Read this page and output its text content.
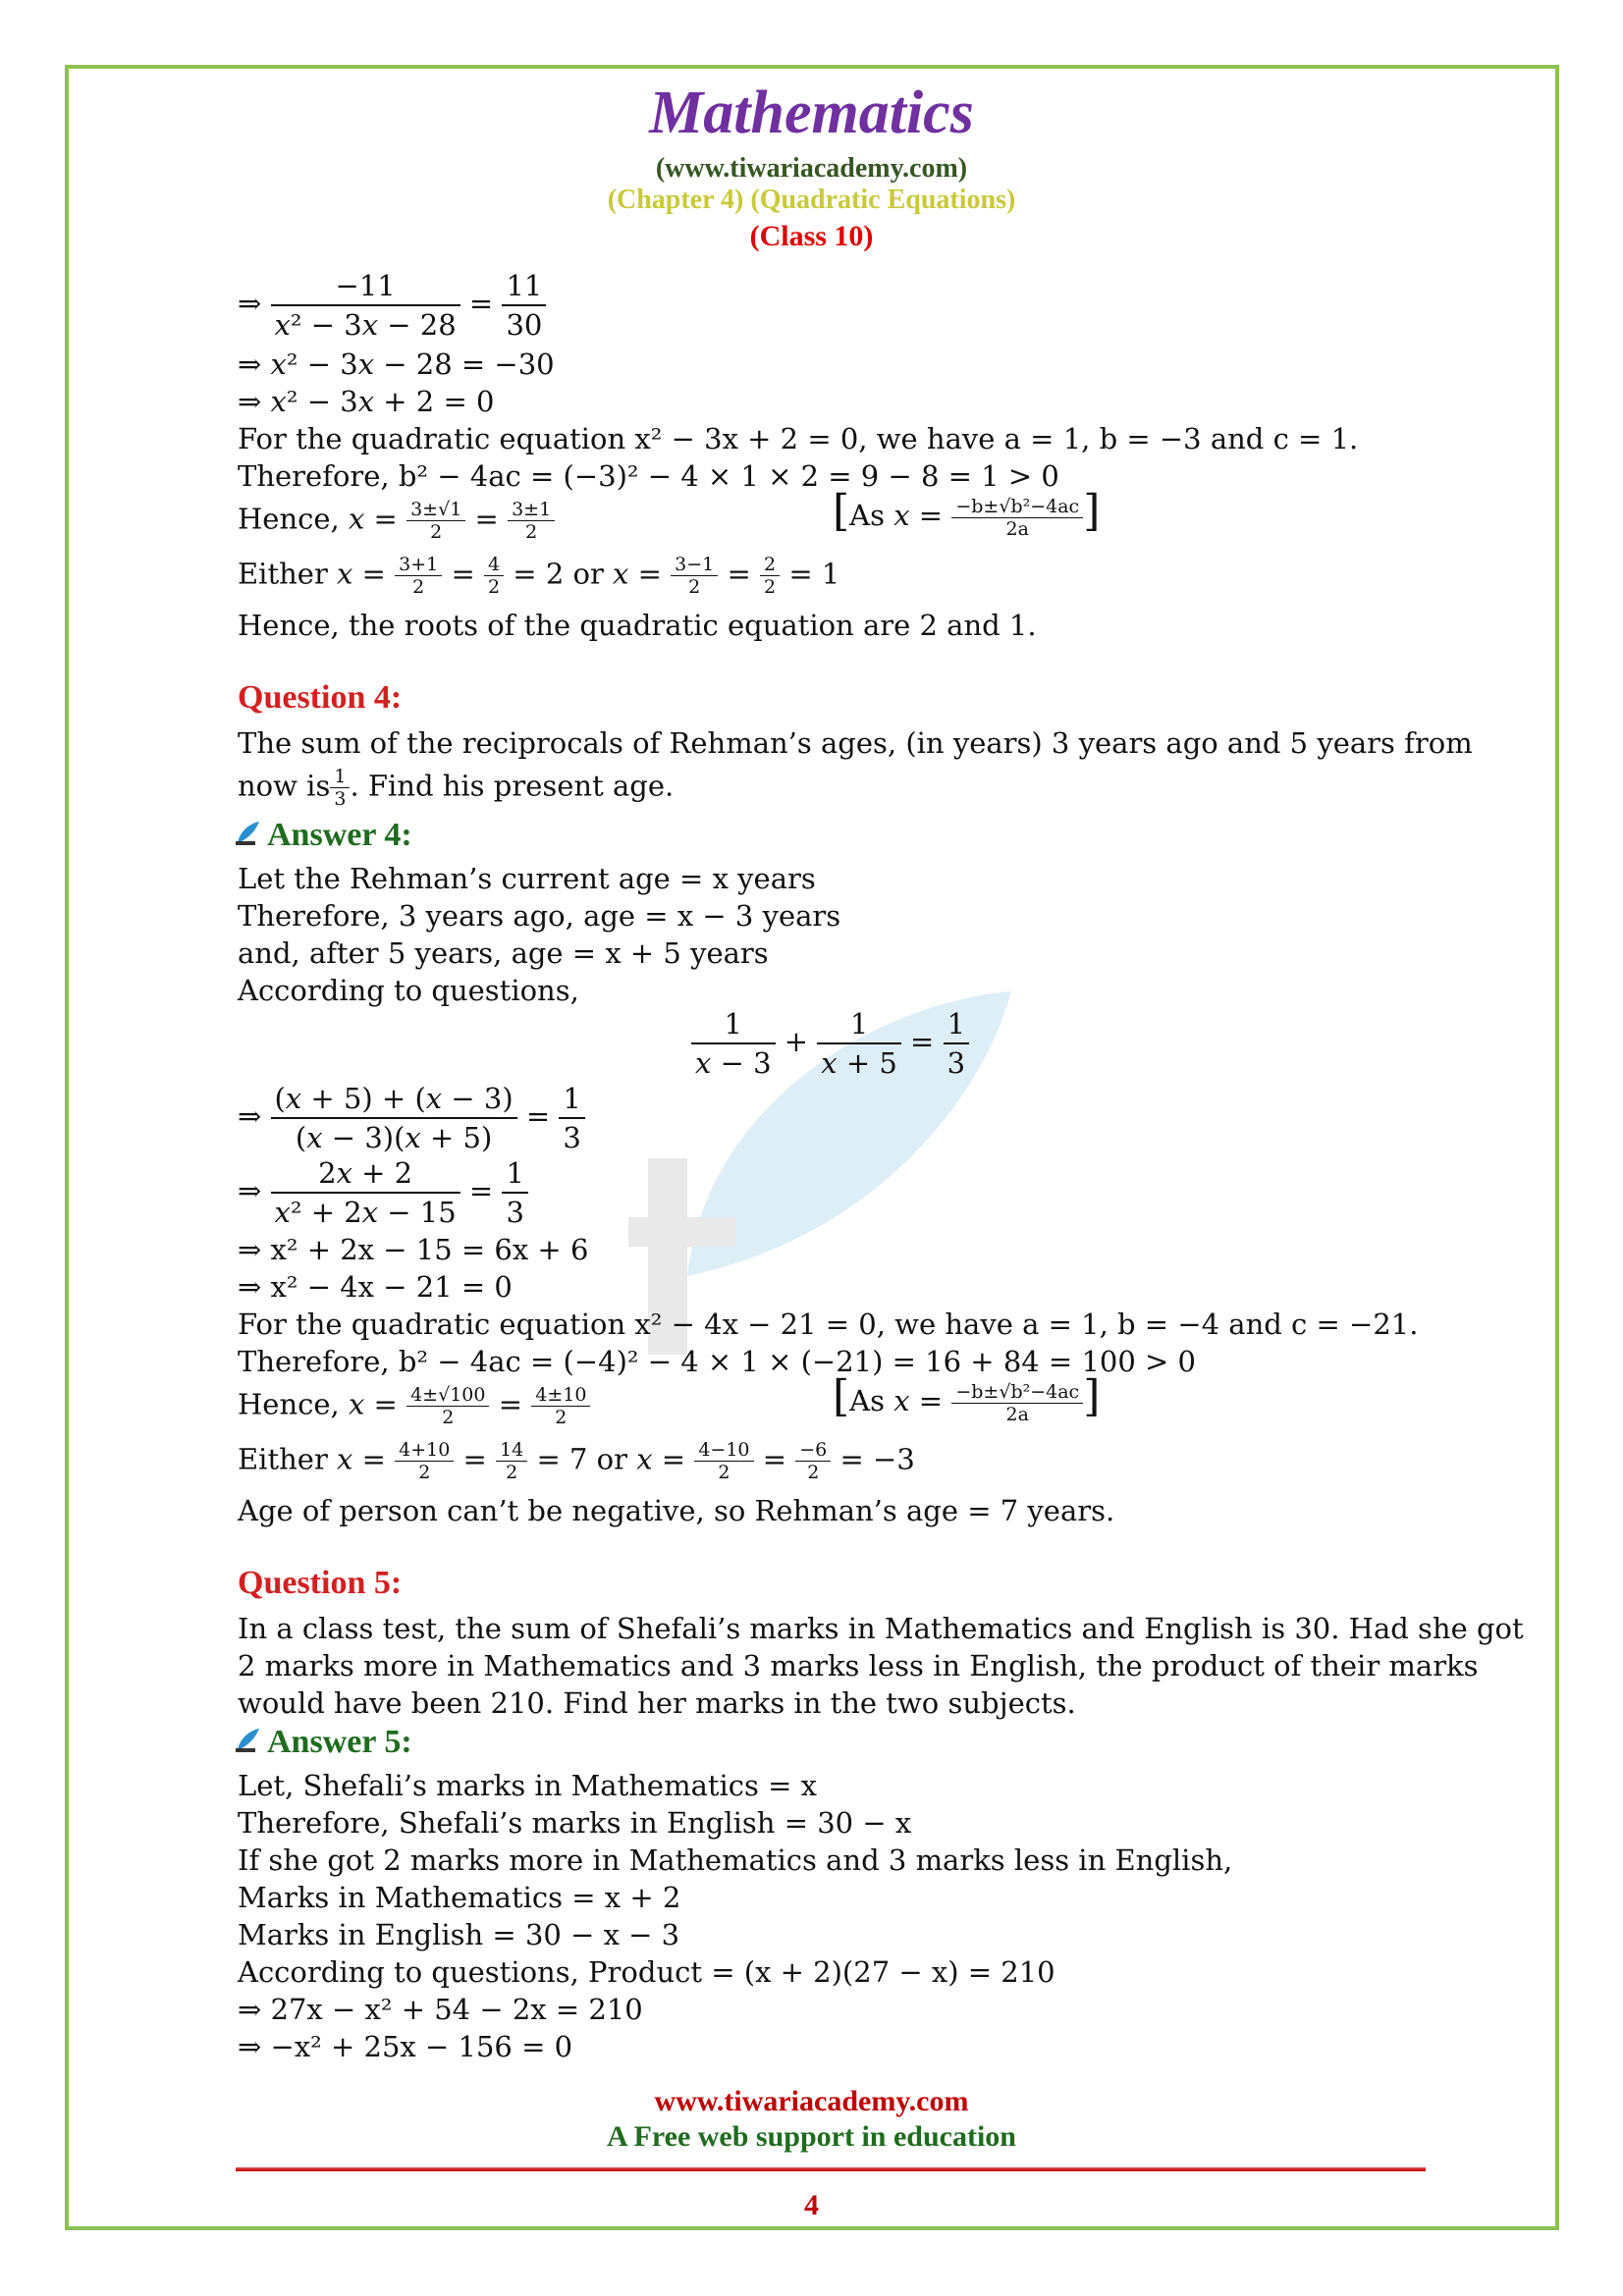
Mathematics
(www.tiwariacademy.com)
(Chapter 4) (Quadratic Equations)
(Class 10)
⇒ $\frac{-11}{\text{x² − 3x − 28}} = \frac{11}{30}$
⇒ x² − 3x − 28 = −30
⇒ x² − 3x + 2 = 0
For the quadratic equation x² − 3x + 2 = 0, we have a = 1, b = −3 and c = 1.
Therefore, b² − 4ac = (−3)² − 4 × 1 × 2 = 9 − 8 = 1 > 0
Hence, $x = \frac{3\pm√1}{2} = \frac{3\pm 1}{2}$	[As $x = \frac{\text{−b±√b²−4ac}}{2a}$ ]
Either $x = \frac{3+1}{2} = \frac{4}{2} = 2$ or $x = \frac{3-1}{2} = \frac{2}{2} = 1$
Hence, the roots of the quadratic equation are 2 and 1.
Question 4:
The sum of the reciprocals of Rehman’s ages, (in years) 3 years ago and 5 years from
now is $\frac{1}{3}$ . Find his present age.
Answer 4:
Let the Rehman’s current age = x years
Therefore, 3 years ago, age = x − 3 years
and, after 5 years, age = x + 5 years
According to questions,
$\frac{1}{x - 3} + \frac{1}{x + 5} = \frac{1}{3}$
⇒ $\frac{(x + 5) + (x - 3)}{(x - 3)(x + 5)} = \frac{1}{3}$
⇒ $\frac{2x + 2}{\text{x² + 2x − 15}} = \frac{1}{3}$
⇒ x² + 2x − 15 = 6x + 6
⇒ x² − 4x − 21 = 0
For the quadratic equation x² − 4x − 21 = 0, we have a = 1, b = −4 and c = −21.
Therefore, b² − 4ac = (−4)² − 4 × 1 × (−21) = 16 + 84 = 100 > 0
Hence, $x = \frac{4\pm√100}{2} = \frac{4\pm 10}{2}$	[As $x = \frac{\text{−b±√b²−4ac}}{2a}$ ]
Either $x = \frac{4+10}{2} = \frac{14}{2} = 7$ or $x = \frac{4-10}{2} = \frac{-6}{2} = -3$
Age of person can’t be negative, so Rehman’s age = 7 years.
Question 5:
In a class test, the sum of Shefali’s marks in Mathematics and English is 30. Had she got
2 marks more in Mathematics and 3 marks less in English, the product of their marks
would have been 210. Find her marks in the two subjects.
Answer 5:
Let, Shefali’s marks in Mathematics = x
Therefore, Shefali’s marks in English = 30 − x
If she got 2 marks more in Mathematics and 3 marks less in English,
Marks in Mathematics = x + 2
Marks in English = 30 − x − 3
According to questions, Product = (x + 2)(27 − x) = 210
⇒ 27x − x² + 54 − 2x = 210
⇒ −x² + 25x − 156 = 0
www.tiwariacademy.com
A Free web support in education
4
